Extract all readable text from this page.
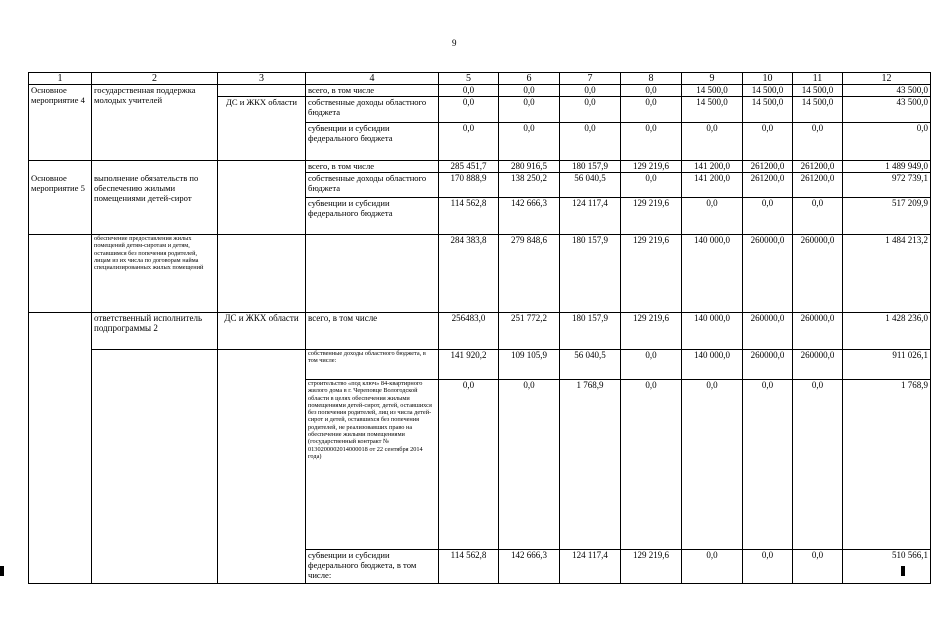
9
1	2	3	4	5	6	7	8	9	10	11	12
Основное мероприятие 4	государственная поддержка молодых учителей		всего, в том числе	0,0	0,0	0,0	0,0	14 500,0	14 500,0	14 500,0	43 500,0
		ДС и ЖКХ области	собственные доходы областного бюджета	0,0	0,0	0,0	0,0	14 500,0	14 500,0	14 500,0	43 500,0
			субвенции и субсидии федерального бюджета	0,0	0,0	0,0	0,0	0,0	0,0	0,0	0,0
Основное мероприятие 5	выполнение обязательств по обеспечению жилыми помещениями детей-сирот		всего, в том числе	285 451,7	280 916,5	180 157,9	129 219,6	141 200,0	261200,0	261200,0	1 489 949,0
			собственные доходы областного бюджета	170 888,9	138 250,2	56 040,5	0,0	141 200,0	261200,0	261200,0	972 739,1
			субвенции и субсидии федерального бюджета	114 562,8	142 666,3	124 117,4	129 219,6	0,0	0,0	0,0	517 209,9
	обеспечение предоставления жилых помещений детям-сиротам и детям, оставшимся без попечения родителей, лицам из их числа по договорам найма специализированных жилых помещений			284 383,8	279 848,6	180 157,9	129 219,6	140 000,0	260000,0	260000,0	1 484 213,2
	ответственный исполнитель подпрограммы 2	ДС и ЖКХ области	всего, в том числе	256483,0	251 772,2	180 157,9	129 219,6	140 000,0	260000,0	260000,0	1 428 236,0
			собственные доходы областного бюджета, в том числе:	141 920,2	109 105,9	56 040,5	0,0	140 000,0	260000,0	260000,0	911 026,1
			строительство «под ключ» 84-квартирного жилого дома в г. Череповце Вологодской области в целях обеспечения жилыми помещениями детей-сирот, детей, оставшихся без попечения родителей, лиц из числа детей-сирот и детей, оставшихся без попечения родителей, не реализовавших право на обеспечение жилыми помещениями (государственный контракт № 0130200002014000018 от 22 сентября 2014 года)	0,0	0,0	1 768,9	0,0	0,0	0,0	0,0	1 768,9
			субвенции и субсидии федерального бюджета, в том числе:	114 562,8	142 666,3	124 117,4	129 219,6	0,0	0,0	0,0	510 566,1
